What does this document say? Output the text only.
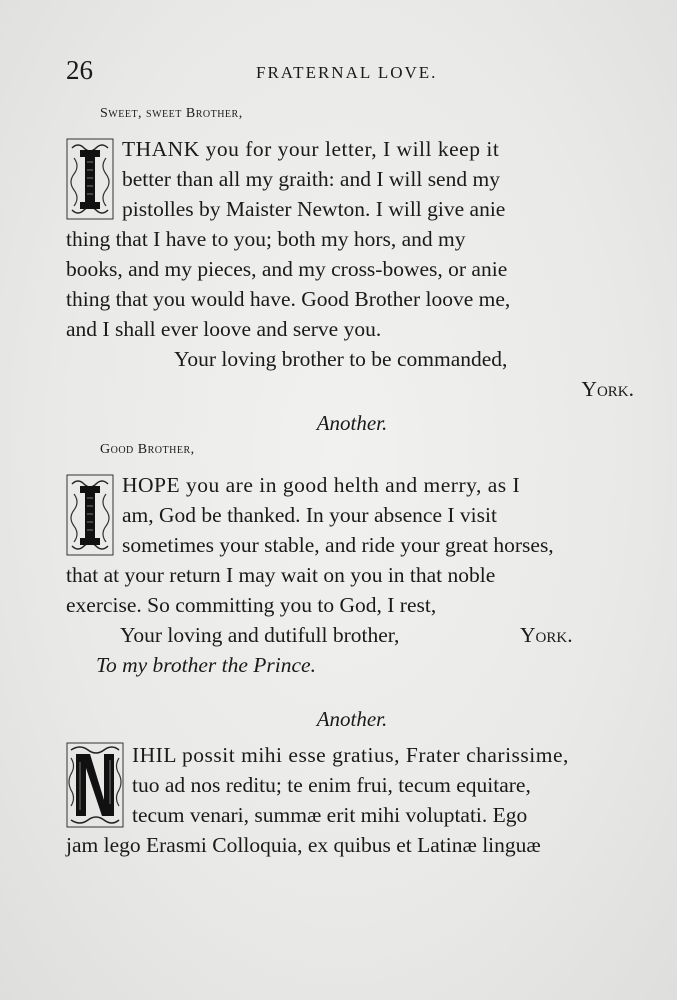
26	FRATERNAL LOVE.
Sweet, sweet Brother,
THANK you for your letter, I will keep it
better than all my graith: and I will send my
pistolles by Maister Newton. I will give anie
thing that I have to you; both my hors, and my
books, and my pieces, and my cross-bowes, or anie
thing that you would have. Good Brother loove me,
and I shall ever loove and serve you.
Your loving brother to be commanded,
York.
Another.
Good Brother,
HOPE you are in good helth and merry, as I
am, God be thanked. In your absence I visit
sometimes your stable, and ride your great horses,
that at your return I may wait on you in that noble
exercise. So committing you to God, I rest,
Your loving and dutifull brother,	York.
To my brother the Prince.
Another.
IHIL possit mihi esse gratius, Frater charissime,
tuo ad nos reditu; te enim frui, tecum equitare,
tecum venari, summæ erit mihi voluptati. Ego
jam lego Erasmi Colloquia, ex quibus et Latinæ linguæ
